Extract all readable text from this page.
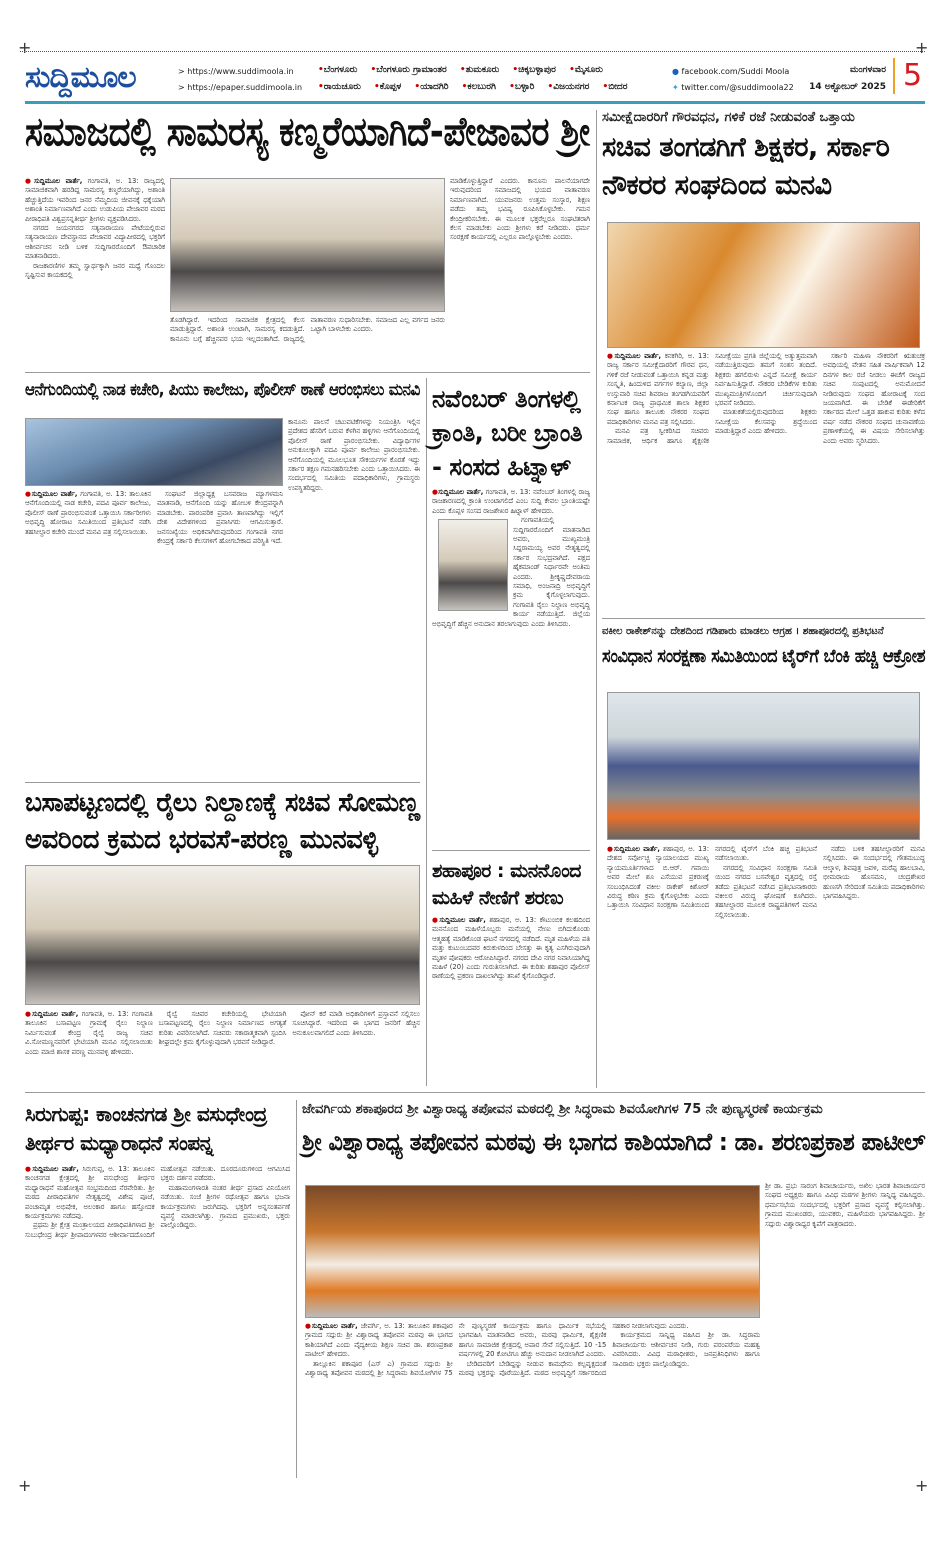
+	+
+	+
ಸುದ್ದಿಮೂಲ	> https://www.suddimoola.in
> https://epaper.suddimoola.in
•ಬೆಂಗಳೂರು •ಬೆಂಗಳೂರು ಗ್ರಾಮಾಂತರ •ತುಮಕೂರು •ಚಿಕ್ಕಬಳ್ಳಾಪುರ •ಮೈಸೂರು
•ರಾಯಚೂರು •ಕೊಪ್ಪಳ •ಯಾದಗಿರಿ •ಕಲಬುರಗಿ •ಬಳ್ಳಾರಿ •ವಿಜಯನಗರ •ಬೀದರ
● facebook.com/Suddi Moola
✦ twitter.com/@suddimoola22
ಮಂಗಳವಾರ
14 ಅಕ್ಟೋಬರ್ 2025 5
ಸಮಾಜದಲ್ಲಿ ಸಾಮರಸ್ಯ ಕಣ್ಮರೆಯಾಗಿದೆ-ಪೇಜಾವರ ಶ್ರೀ

●ಸುದ್ದಿಮೂಲ ವಾರ್ತೆ, ಗಂಗಾವತಿ, ಅ. 13: ರಾಜ್ಯದಲ್ಲಿ ಸಾಮಾಜಿಕವಾಗಿ ಹರಡಿದ್ದ ಸಾಮರಸ್ಯ ಕಣ್ಮರೆಯಾಗಿದ್ದು, ಅಶಾಂತಿ ಹೆಚ್ಚುತ್ತಿದೆಯ ಇವರಿಂದ ಜನರ ನೆಮ್ಮದಿಯ ಜೀವನಕ್ಕೆ ಧಕ್ಕೆಯಾಗಿ ಅಶಾಂತಿ ನಿರ್ಮಾಣವಾಗಿದೆ ಎಂದು ಉಡುಪಿಯ ಪೇಜಾವರ ಮಠದ ಪೀಠಾಧಿಪತಿ ವಿಶ್ವಪ್ರಸನ್ನತೀರ್ಥ ಶ್ರೀಗಳು ವ್ಯಕ್ತಪಡಿಸಿದರು.

ನಗರದ ಜಯನಗರದ ಸತ್ಯನಾರಾಯಣ ಪೇಟೆಯಲ್ಲಿರುವ ಸತ್ಯನಾರಾಯಣ ದೇವಸ್ಥಾನದ ಪೇಜಾವರ ವಿದ್ಯಾಪೀಠದಲ್ಲಿ ಭಕ್ತರಿಗೆ ಆಶೀರ್ವಚನ ನೀಡಿ ಬಳಿಕ ಸುದ್ದಿಗಾರರೊಂದಿಗೆ ಔಪಚಾರಿಕ ಮಾತನಾಡಿದರು.

ರಾಜಕಾರಣಿಗಳ ತಮ್ಮ ಸ್ವಾರ್ಥಕ್ಕಾಗಿ ಜನರ ಮಧ್ಯೆ ಗೊಂದಲ ಸೃಷ್ಟಿಸುವ ಕಾಯಕದಲ್ಲಿ

ತೊಡಗಿದ್ದಾರೆ. ಇದರಿಂದ ಸಾಮಾಜಿಕ ಕ್ಷೇತ್ರದಲ್ಲಿ ಕೆಲಸ ಮಾಡುತ್ತಿದ್ದಾರೆ. ಅಶಾಂತಿ ಉಂಟಾಗಿ, ಸಾಮರಸ್ಯ ಕದಡುತ್ತಿದೆ. ಕಾನೂನು ಬಗ್ಗೆ ಹೆಚ್ಚಿನವರ ಭಯ ಇಲ್ಲದಂತಾಗಿದೆ. ರಾಜ್ಯದಲ್ಲಿ ವಾತಾವರಣ ಸುಧಾರಿಸಬೇಕು. ಸಮಾಜದ ಎಲ್ಲ ವರ್ಗದ ಜನರು ಒಟ್ಟಾಗಿ ಬಾಳಬೇಕು ಎಂದರು.

ಮಾಡಿಕೊಳ್ಳುತ್ತಿದ್ದಾರೆ ಎಂದರು. ಕಾನೂನು ಪಾಲನೆಯಾಗದೇ ಇರುವುದರಿಂದ ಸಮಾಜದಲ್ಲಿ ಭಯದ ವಾತಾವರಣ ನಿರ್ಮಾಣವಾಗಿದೆ. ಯುವಜನರು ಉತ್ತಮ ಸಂಸ್ಕಾರ, ಶಿಕ್ಷಣ ಪಡೆದು ತಮ್ಮ ಭವಿಷ್ಯ ರೂಪಿಸಿಕೊಳ್ಳಬೇಕು. ಗಮನ ಕೇಂದ್ರೀಕರಿಸಬೇಕು. ಈ ಮೂಲಕ ಭಕ್ತರೆಲ್ಲರೂ ಸಂಘಟಿತರಾಗಿ ಕೆಲಸ ಮಾಡಬೇಕು ಎಂದು ಶ್ರೀಗಳು ಕರೆ ನೀಡಿದರು. ಧರ್ಮ ಸಂರಕ್ಷಣೆ ಕಾರ್ಯದಲ್ಲಿ ಎಲ್ಲರೂ ಪಾಲ್ಗೊಳ್ಳಬೇಕು ಎಂದರು.

ಸಮೀಕ್ಷೆದಾರರಿಗೆ ಗೌರವಧನ, ಗಳಿಕೆ ರಜೆ ನೀಡುವಂತೆ ಒತ್ತಾಯ
ಸಚಿವ ತಂಗಡಗಿಗೆ ಶಿಕ್ಷಕರ, ಸರ್ಕಾರಿ
ನೌಕರರ ಸಂಘದಿಂದ ಮನವಿ

●ಸುದ್ದಿಮೂಲ ವಾರ್ತೆ, ಕನಕಗಿರಿ, ಅ. 13: ರಾಜ್ಯ ಸರ್ಕಾರ ಸಮೀಕ್ಷೆದಾರರಿಗೆ ಗೌರವ ಧನ, ಗಳಿಕೆ ರಜೆ ನೀಡುವಂತೆ ಒತ್ತಾಯಿಸಿ ಕನ್ನಡ ಮತ್ತು ಸಂಸ್ಕೃತಿ, ಹಿಂದುಳಿದ ವರ್ಗಗಳ ಕಲ್ಯಾಣ, ಜಿಲ್ಲಾ ಉಸ್ತುವಾರಿ ಸಚಿವ ಶಿವರಾಜ ತಂಗಡಗಿಯವರಿಗೆ ಕರ್ನಾಟಕ ರಾಜ್ಯ ಪ್ರಾಥಮಿಕ ಶಾಲಾ ಶಿಕ್ಷಕರ ಸಂಘ ಹಾಗೂ ತಾಲೂಕು ನೌಕರರ ಸಂಘದ ಪದಾಧಿಕಾರಿಗಳು ಮನವಿ ಪತ್ರ ಸಲ್ಲಿಸಿದರು.

ಮನವಿ ಪತ್ರ ಸ್ವೀಕರಿಸಿದ ಸಚಿವರು ಸಾಮಾಜಿಕ, ಆರ್ಥಿಕ ಹಾಗೂ ಶೈಕ್ಷಣಿಕ ಸಮೀಕ್ಷೆಯು ಪ್ರಗತಿ ಜಿಲ್ಲೆಯಲ್ಲಿ ಅತ್ಯುತ್ತಮವಾಗಿ ನಡೆಯುತ್ತಿರುವುದು ತಮಗೆ ಸಂತಸ ತಂದಿದೆ. ಶಿಕ್ಷಕರು ಹಗಲಿರುಳು ಎನ್ನದೆ ಸಮೀಕ್ಷೆ ಕಾರ್ಯ ನಿರ್ವಹಿಸುತ್ತಿದ್ದಾರೆ. ನೌಕರರ ಬೇಡಿಕೆಗಳ ಕುರಿತು ಮುಖ್ಯಮಂತ್ರಿಗಳೊಂದಿಗೆ ಚರ್ಚಿಸುವುದಾಗಿ ಭರವಸೆ ನೀಡಿದರು.

ಮಾತುಕತೆಯಲ್ಲಿರುವುದರಿಂದ ಶಿಕ್ಷಕರು ಸಮೀಕ್ಷೆಯ ಕೆಲಸವನ್ನು ಶ್ರದ್ಧೆಯಿಂದ ಮಾಡುತ್ತಿದ್ದಾರೆ ಎಂದು ಹೇಳಿದರು.

ಸರ್ಕಾರಿ ಮಹಿಳಾ ನೌಕರರಿಗೆ ಋತುಚಕ್ರ ಅವಧಿಯಲ್ಲಿ ವೇತನ ಸಹಿತ ವಾರ್ಷಿಕವಾಗಿ 12 ದಿನಗಳ ಕಾಲ ರಜೆ ನೀಡಲು ಈಚೆಗೆ ರಾಜ್ಯದ ಸಚಿವ ಸಂಪುಟದಲ್ಲಿ ಅನುಮೋದನೆ ನೀಡಿರುವುದು ಸಂಘದ ಹೋರಾಟಕ್ಕೆ ಸಂದ ಜಯವಾಗಿದೆ. ಈ ಬೇಡಿಕೆ ಈಡೇರಿಕೆಗೆ ಸರ್ಕಾರದ ಮೇಲೆ ಒತ್ತಡ ಹಾಕುವ ಕುರಿತು ಕಳೆದ ವರ್ಷ ನಡೆದ ನೌಕರರ ಸಂಘದ ಚುನಾವಣೆಯ ಪ್ರಣಾಳಿಕೆಯಲ್ಲಿ ಈ ವಿಷಯ ಸೇರಿಸಲಾಗಿತ್ತು ಎಂದು ಅವರು ಸ್ಮರಿಸಿದರು.

ಆನೆಗುಂದಿಯಲ್ಲಿ ನಾಡ ಕಚೇರಿ, ಪಿಯು ಕಾಲೇಜು, ಪೊಲೀಸ್ ಠಾಣೆ ಆರಂಭಿಸಲು ಮನವಿ

●ಸುದ್ದಿಮೂಲ ವಾರ್ತೆ, ಗಂಗಾವತಿ, ಅ. 13: ತಾಲೂಕಿನ ಆನೆಗೊಂದಿಯಲ್ಲಿ ನಾಡ ಕಚೇರಿ, ಪದವಿ ಪೂರ್ವ ಕಾಲೇಜು, ಪೊಲೀಸ್ ಠಾಣೆ ಪ್ರಾರಂಭಿಸುವಂತೆ ಒತ್ತಾಯಿಸಿ ಸರ್ಕಾರೀಗಳು ಅಭಿವೃದ್ಧಿ ಹೋರಾಟ ಸಮಿತಿಯಿಂದ ಪ್ರತಿಭಟನೆ ನಡೆಸಿ ತಹಸೀಲ್ದಾರ ಕಚೇರಿ ಮುಂದೆ ಮನವಿ ಪತ್ರ ಸಲ್ಲಿಸಲಾಯಿತು.

ಸಂಘಟನೆ ಜಿಲ್ಲಾಧ್ಯಕ್ಷ ಬಸವರಾಜ ಮ್ಯಾಗಳಮನಿ ಮಾತನಾಡಿ, ಆನೆಗೊಂದಿ ಯನ್ನು ಹೋಬಳಿ ಕೇಂದ್ರವನ್ನಾಗಿ ಮಾಡಬೇಕು. ಪಾರಂಪರಿಕ ಪ್ರವಾಸಿ ತಾಣವಾಗಿದ್ದು ಇಲ್ಲಿಗೆ ದೇಶ ವಿದೇಶಗಳಿಂದ ಪ್ರವಾಸಿಗರು ಆಗಮಿಸುತ್ತಾರೆ. ಜನಸಂಖ್ಯೆಯು ಅಧಿಕವಾಗಿರುವುದರಿಂದ ಗಂಗಾವತಿ ನಗರ ಕೇಂದ್ರಕ್ಕೆ ಸರ್ಕಾರಿ ಕೆಲಸಗಳಿಗೆ ಹೋಗಬೇಕಾದ ಪರಿಸ್ಥಿತಿ ಇದೆ.

ಕಾನೂನು ಪಾಲನೆ ಚಟುವಟಿಕೆಗಳನ್ನು ನಿಯಂತ್ರಿಸಿ ಇಲ್ಲಿನ ಪ್ರದೇಶದ ಹೆಸರಿಗೆ ಬರುವ ಕೆಳಗಿನ ಹಳ್ಳಿಗಳು ಆನೆಗೊಂದಿಯಲ್ಲಿ ಪೊಲೀಸ್ ಠಾಣೆ ಪ್ರಾರಂಭಿಸಬೇಕು. ವಿದ್ಯಾರ್ಥಿಗಳ ಅನುಕೂಲಕ್ಕಾಗಿ ಪದವಿ ಪೂರ್ವ ಕಾಲೇಜು ಪ್ರಾರಂಭಿಸಬೇಕು. ಆನೆಗೊಂದಿಯಲ್ಲಿ ಮೂಲಭೂತ ಸೌಕರ್ಯಗಳ ಕೊರತೆ ಇದ್ದು ಸರ್ಕಾರ ತಕ್ಷಣ ಗಮನಹರಿಸಬೇಕು ಎಂದು ಒತ್ತಾಯಿಸಿದರು. ಈ ಸಂದರ್ಭದಲ್ಲಿ ಸಮಿತಿಯ ಪದಾಧಿಕಾರಿಗಳು, ಗ್ರಾಮಸ್ಥರು ಉಪಸ್ಥಿತರಿದ್ದರು.

ನವೆಂಬರ್ ತಿಂಗಳಲ್ಲಿ ಕ್ರಾಂತಿ, ಬರೀ ಬ್ರಾಂತಿ - ಸಂಸದ ಹಿಟ್ನಾಳ್

●ಸುದ್ದಿಮೂಲ ವಾರ್ತೆ, ಗಂಗಾವತಿ, ಅ. 13: ನವೆಂಬರ್ ತಿಂಗಳಲ್ಲಿ ರಾಜ್ಯ ರಾಜಕಾರಣದಲ್ಲಿ ಕ್ರಾಂತಿ ಉಂಟಾಗಲಿದೆ ಎಂಬ ಸುದ್ದಿ ಕೇವಲ ಬ್ರಾಂತಿಯಷ್ಟೇ ಎಂದು ಕೊಪ್ಪಳ ಸಂಸದ ರಾಜಶೇಖರ ಹಿಟ್ನಾಳ್ ಹೇಳಿದರು.

ಗಂಗಾವತಿಯಲ್ಲಿ ಸುದ್ದಿಗಾರರೊಂದಿಗೆ ಮಾತನಾಡಿದ ಅವರು, ಮುಖ್ಯಮಂತ್ರಿ ಸಿದ್ದರಾಮಯ್ಯ ಅವರ ನೇತೃತ್ವದಲ್ಲಿ ಸರ್ಕಾರ ಸುಭದ್ರವಾಗಿದೆ. ಪಕ್ಷದ ಹೈಕಮಾಂಡ್ ನಿರ್ಧಾರವೇ ಅಂತಿಮ ಎಂದರು. ಶ್ರೀಕೃಷ್ಣದೇವರಾಯ ಸಮಾಧಿ, ಅಂಜನಾದ್ರಿ ಅಭಿವೃದ್ಧಿಗೆ ಕ್ರಮ ಕೈಗೊಳ್ಳಲಾಗುವುದು. ಗಂಗಾವತಿ ರೈಲು ನಿಲ್ದಾಣ ಅಭಿವೃದ್ಧಿ ಕಾರ್ಯ ನಡೆಯುತ್ತಿದೆ. ಜಿಲ್ಲೆಯ ಅಭಿವೃದ್ಧಿಗೆ ಹೆಚ್ಚಿನ ಅನುದಾನ ತರಲಾಗುವುದು ಎಂದು ತಿಳಿಸಿದರು.

ವಕೀಲ ರಾಕೇಶ್‌ನನ್ನು ದೇಶದಿಂದ ಗಡಿಪಾರು ಮಾಡಲು ಆಗ್ರಹ । ಶಹಾಪೂರದಲ್ಲಿ ಪ್ರತಿಭಟನೆ
ಸಂವಿಧಾನ ಸಂರಕ್ಷಣಾ ಸಮಿತಿಯಿಂದ ಟೈರ್‌ಗೆ ಬೆಂಕಿ ಹಚ್ಚಿ ಆಕ್ರೋಶ

●ಸುದ್ದಿಮೂಲ ವಾರ್ತೆ, ಶಹಾಪುರ, ಅ. 13: ದೇಶದ ಸರ್ವೋಚ್ಚ ನ್ಯಾಯಾಲಯದ ಮುಖ್ಯ ನ್ಯಾಯಮೂರ್ತಿಗಳಾದ ಬಿ.ಆರ್. ಗವಾಯಿ ಅವರ ಮೇಲೆ ಶೂ ಎಸೆಯುವ ಪ್ರಕರಣಕ್ಕೆ ಸಂಬಂಧಿಸಿದಂತೆ ವಕೀಲ ರಾಕೇಶ್ ಕಿಶೋರ್ ವಿರುದ್ಧ ಕಠಿಣ ಕ್ರಮ ಕೈಗೊಳ್ಳಬೇಕು ಎಂದು ಒತ್ತಾಯಿಸಿ ಸಂವಿಧಾನ ಸಂರಕ್ಷಣಾ ಸಮಿತಿಯಿಂದ ನಗರದಲ್ಲಿ ಟೈರ್‌ಗೆ ಬೆಂಕಿ ಹಚ್ಚಿ ಪ್ರತಿಭಟನೆ ನಡೆಸಲಾಯಿತು.

ನಗರದಲ್ಲಿ ಸಂವಿಧಾನ ಸಂರಕ್ಷಣಾ ಸಮಿತಿ ಯಿಂದ ನಗರದ ಬಸವೇಶ್ವರ ವೃತ್ತದಲ್ಲಿ ರಸ್ತೆ ತಡೆದು ಪ್ರತಿಭಟನೆ ನಡೆಸಿದ ಪ್ರತಿಭಟನಾಕಾರರು ವಕೀಲರ ವಿರುದ್ಧ ಘೋಷಣೆ ಕೂಗಿದರು. ತಹಸೀಲ್ದಾರರ ಮೂಲಕ ರಾಷ್ಟ್ರಪತಿಗಳಿಗೆ ಮನವಿ ಸಲ್ಲಿಸಲಾಯಿತು.

ನಡೆದು ಬಳಿಕ ತಹಸೀಲ್ದಾರರಿಗೆ ಮನವಿ ಸಲ್ಲಿಸಿದರು. ಈ ಸಂದರ್ಭದಲ್ಲಿ ಗೌತಮಬುದ್ಧ ಆಲ್ಕಾಳ, ಶಿವಪುತ್ರ ಜವಳಿ, ಮರೆಪ್ಪ ಹಾಲಬಾವಿ, ಭೀಮರಾಯ ಹೊಸಮನಿ, ಚಂದ್ರಶೇಖರ ಹುಣಸಗಿ ಸೇರಿದಂತೆ ಸಮಿತಿಯ ಪದಾಧಿಕಾರಿಗಳು ಭಾಗವಹಿಸಿದ್ದರು.

ಬಸಾಪಟ್ಟಣದಲ್ಲಿ ರೈಲು ನಿಲ್ದಾಣಕ್ಕೆ ಸಚಿವ ಸೋಮಣ್ಣ
ಅವರಿಂದ ಕ್ರಮದ ಭರವಸೆ-ಪರಣ್ಣ ಮುನವಳ್ಳಿ

●ಸುದ್ದಿಮೂಲ ವಾರ್ತೆ, ಗಂಗಾವತಿ, ಅ. 13: ಗಂಗಾವತಿ ತಾಲೂಕಿನ ಬಸಾಪಟ್ಟಣ ಗ್ರಾಮಕ್ಕೆ ರೈಲು ನಿಲ್ದಾಣ ನಿರ್ಮಿಸುವಂತೆ ಕೇಂದ್ರ ರೈಲ್ವೆ ರಾಜ್ಯ ಸಚಿವ ವಿ.ಸೋಮಣ್ಣನವರಿಗೆ ಭೇಟಿಯಾಗಿ ಮನವಿ ಸಲ್ಲಿಸಲಾಯಿತು ಎಂದು ಮಾಜಿ ಶಾಸಕ ಪರಣ್ಣ ಮುನವಳ್ಳಿ ಹೇಳಿದರು.

ರೈಲ್ವೆ ಸಚಿವರ ಕಚೇರಿಯಲ್ಲಿ ಭೇಟಿಯಾಗಿ ಬಸಾಪಟ್ಟಣದಲ್ಲಿ ರೈಲು ನಿಲ್ದಾಣ ನಿರ್ಮಾಣದ ಅಗತ್ಯತೆ ಕುರಿತು ವಿವರಿಸಲಾಗಿದೆ. ಸಚಿವರು ಸಕಾರಾತ್ಮಕವಾಗಿ ಸ್ಪಂದಿಸಿ ಶೀಘ್ರದಲ್ಲೇ ಕ್ರಮ ಕೈಗೊಳ್ಳುವುದಾಗಿ ಭರವಸೆ ನೀಡಿದ್ದಾರೆ.

ಪೋನ್ ಕರೆ ಮಾಡಿ ಅಧಿಕಾರಿಗಳಿಗೆ ಪ್ರಸ್ತಾವನೆ ಸಲ್ಲಿಸಲು ಸೂಚಿಸಿದ್ದಾರೆ. ಇದರಿಂದ ಈ ಭಾಗದ ಜನರಿಗೆ ಹೆಚ್ಚಿನ ಅನುಕೂಲವಾಗಲಿದೆ ಎಂದು ತಿಳಿಸಿದರು.

ಶಹಾಪೂರ : ಮನನೊಂದ ಮಹಿಳೆ ನೇಣಿಗೆ ಶರಣು

●ಸುದ್ದಿಮೂಲ ವಾರ್ತೆ, ಶಹಾಪುರ, ಅ. 13: ಕೌಟುಂಬಿಕ ಕಲಹದಿಂದ ಮನನೊಂದ ಮಹಿಳೆಯೊಬ್ಬರು ಮನೆಯಲ್ಲಿ ನೇಣು ಬಿಗಿದುಕೊಂಡು ಆತ್ಮಹತ್ಯೆ ಮಾಡಿಕೊಂಡ ಘಟನೆ ನಗರದಲ್ಲಿ ನಡೆದಿದೆ. ಮೃತ ಮಹಿಳೆಯ ಪತಿ ಮತ್ತು ಕುಟುಂಬದವರ ಕಿರುಕುಳದಿಂದ ಬೇಸತ್ತು ಈ ಕೃತ್ಯ ಎಸಗಿರುವುದಾಗಿ ಮೃತಳ ಪೋಷಕರು ಆರೋಪಿಸಿದ್ದಾರೆ. ನಗರದ ದೇವಿ ನಗರ ನಿವಾಸಿಯಾಗಿದ್ದ ಮಹಿಳೆ (20) ಎಂದು ಗುರುತಿಸಲಾಗಿದೆ. ಈ ಕುರಿತು ಶಹಾಪುರ ಪೊಲೀಸ್ ಠಾಣೆಯಲ್ಲಿ ಪ್ರಕರಣ ದಾಖಲಾಗಿದ್ದು ತನಿಖೆ ಕೈಗೊಂಡಿದ್ದಾರೆ.

ಸಿರುಗುಪ್ಪ: ಕಾಂಚನಗಡ ಶ್ರೀ ವಸುಧೇಂದ್ರ
ತೀರ್ಥರ ಮಧ್ಯಾರಾಧನೆ ಸಂಪನ್ನ

●ಸುದ್ದಿಮೂಲ ವಾರ್ತೆ, ಸಿರುಗುಪ್ಪ, ಅ. 13: ತಾಲೂಕಿನ ಕಾಂಚನಗಡ ಕ್ಷೇತ್ರದಲ್ಲಿ ಶ್ರೀ ವಸುಧೇಂದ್ರ ತೀರ್ಥರ ಮಧ್ಯಾರಾಧನೆ ಮಹೋತ್ಸವ ಸಂಭ್ರಮದಿಂದ ನೆರವೇರಿತು. ಶ್ರೀ ಮಠದ ಪೀಠಾಧಿಪತಿಗಳ ನೇತೃತ್ವದಲ್ಲಿ ವಿಶೇಷ ಪೂಜೆ, ಪಂಚಾಮೃತ ಅಭಿಷೇಕ, ಅಲಂಕಾರ ಹಾಗೂ ಹಸ್ತೋದಕ ಕಾರ್ಯಕ್ರಮಗಳು ನಡೆದವು.

ಪ್ರಥಮ ಶ್ರೀ ಕ್ಷೇತ್ರ ಮಂತ್ರಾಲಯದ ಪೀಠಾಧಿಪತಿಗಳಾದ ಶ್ರೀ ಸುಬುಧೇಂದ್ರ ತೀರ್ಥ ಶ್ರೀಪಾದಂಗಳವರ ಆಶೀರ್ವಾದದೊಂದಿಗೆ ಮಹೋತ್ಸವ ನಡೆಯಿತು. ದೂರದೂರುಗಳಿಂದ ಆಗಮಿಸಿದ ಭಕ್ತರು ದರ್ಶನ ಪಡೆದರು.

ಮಹಾಮಂಗಳಾರತಿ ನಂತರ ತೀರ್ಥ ಪ್ರಸಾದ ವಿನಿಯೋಗ ನಡೆಯಿತು. ಸಂಜೆ ಶ್ರೀಗಳ ರಥೋತ್ಸವ ಹಾಗೂ ಭಜನಾ ಕಾರ್ಯಕ್ರಮಗಳು ಜರುಗಿದವು. ಭಕ್ತರಿಗೆ ಅನ್ನಸಂತರ್ಪಣೆ ವ್ಯವಸ್ಥೆ ಮಾಡಲಾಗಿತ್ತು. ಗ್ರಾಮದ ಪ್ರಮುಖರು, ಭಕ್ತರು ಪಾಲ್ಗೊಂಡಿದ್ದರು.

ಜೇವರ್ಗಿಯ ಶಕಾಪೂರದ ಶ್ರೀ ವಿಶ್ವಾರಾಧ್ಯ ತಪೋವನ ಮಠದಲ್ಲಿ ಶ್ರೀ ಸಿದ್ಧರಾಮ ಶಿವಯೋಗಿಗಳ 75 ನೇ ಪುಣ್ಯಸ್ಮರಣೆ ಕಾರ್ಯಕ್ರಮ
ಶ್ರೀ ವಿಶ್ವಾರಾಧ್ಯ ತಪೋವನ ಮಠವು ಈ ಭಾಗದ ಕಾಶಿಯಾಗಿದೆ : ಡಾ. ಶರಣಪ್ರಕಾಶ ಪಾಟೀಲ್

●ಸುದ್ದಿಮೂಲ ವಾರ್ತೆ, ಜೇವರ್ಗಿ, ಅ. 13: ತಾಲೂಕಿನ ಶಕಾಪೂರ ಗ್ರಾಮದ ಸದ್ಗುರು ಶ್ರೀ ವಿಶ್ವಾರಾಧ್ಯ ತಪೋವನ ಮಠವು ಈ ಭಾಗದ ಕಾಶಿಯಾಗಿದೆ ಎಂದು ವೈದ್ಯಕೀಯ ಶಿಕ್ಷಣ ಸಚಿವ ಡಾ. ಶರಣಪ್ರಕಾಶ ಪಾಟೀಲ್ ಹೇಳಿದರು.

ತಾಲ್ಲೂಕಿನ ಶಕಾಪೂರ (ಎಸ್ ಎ) ಗ್ರಾಮದ ಸದ್ಗುರು ಶ್ರೀ ವಿಶ್ವಾರಾಧ್ಯ ತಪೋವನ ಮಠದಲ್ಲಿ ಶ್ರೀ ಸಿದ್ಧರಾಮ ಶಿವಯೋಗಿಗಳ 75 ನೇ ಪುಣ್ಯಸ್ಮರಣೆ ಕಾರ್ಯಕ್ರಮ ಹಾಗೂ ಧಾರ್ಮಿಕ ಸಭೆಯಲ್ಲಿ ಭಾಗವಹಿಸಿ ಮಾತನಾಡಿದ ಅವರು, ಮಠವು ಧಾರ್ಮಿಕ, ಶೈಕ್ಷಣಿಕ ಹಾಗೂ ಸಾಮಾಜಿಕ ಕ್ಷೇತ್ರದಲ್ಲಿ ಅಪಾರ ಸೇವೆ ಸಲ್ಲಿಸುತ್ತಿದೆ. 10 -15 ವರ್ಷಗಳಲ್ಲಿ 20 ಕೋಟಿಗೂ ಹೆಚ್ಚು ಅನುದಾನ ನೀಡಲಾಗಿದೆ ಎಂದರು.

ಬೇಡಿದವರಿಗೆ ಬೇಡಿದ್ದನ್ನು ನೀಡುವ ಕಾಮಧೇನು ಕಲ್ಪವೃಕ್ಷದಂತೆ ಮಠವು ಭಕ್ತರನ್ನು ಪೊರೆಯುತ್ತಿದೆ. ಮಠದ ಅಭಿವೃದ್ಧಿಗೆ ಸರ್ಕಾರದಿಂದ ಸಹಕಾರ ನೀಡಲಾಗುವುದು ಎಂದರು.

ಕಾರ್ಯಕ್ರಮದ ಸಾನ್ನಿಧ್ಯ ವಹಿಸಿದ ಶ್ರೀ ಡಾ. ಸಿದ್ಧರಾಮ ಶಿವಾಚಾರ್ಯರು ಆಶೀರ್ವಚನ ನೀಡಿ, ಗುರು ಪರಂಪರೆಯ ಮಹತ್ವ ವಿವರಿಸಿದರು. ವಿವಿಧ ಮಠಾಧೀಶರು, ಜನಪ್ರತಿನಿಧಿಗಳು ಹಾಗೂ ಸಾವಿರಾರು ಭಕ್ತರು ಪಾಲ್ಗೊಂಡಿದ್ದರು.

ಶ್ರೀ ಡಾ. ಪ್ರಭು ಸಾರಂಗ ಶಿವಾಚಾರ್ಯರು, ಅಖಿಲ ಭಾರತ ಶಿವಾಚಾರ್ಯರ ಸಂಘದ ಅಧ್ಯಕ್ಷರು ಹಾಗೂ ವಿವಿಧ ಮಠಗಳ ಶ್ರೀಗಳು ಸಾನ್ನಿಧ್ಯ ವಹಿಸಿದ್ದರು. ಧರ್ಮಸಭೆಯ ಸಂದರ್ಭದಲ್ಲಿ ಭಕ್ತರಿಗೆ ಪ್ರಸಾದ ವ್ಯವಸ್ಥೆ ಕಲ್ಪಿಸಲಾಗಿತ್ತು. ಗ್ರಾಮದ ಮುಖಂಡರು, ಯುವಕರು, ಮಹಿಳೆಯರು ಭಾಗವಹಿಸಿದ್ದರು. ಶ್ರೀ ಸದ್ಗುರು ವಿಶ್ವಾರಾಧ್ಯರ ಕೃಪೆಗೆ ಪಾತ್ರರಾದರು.
